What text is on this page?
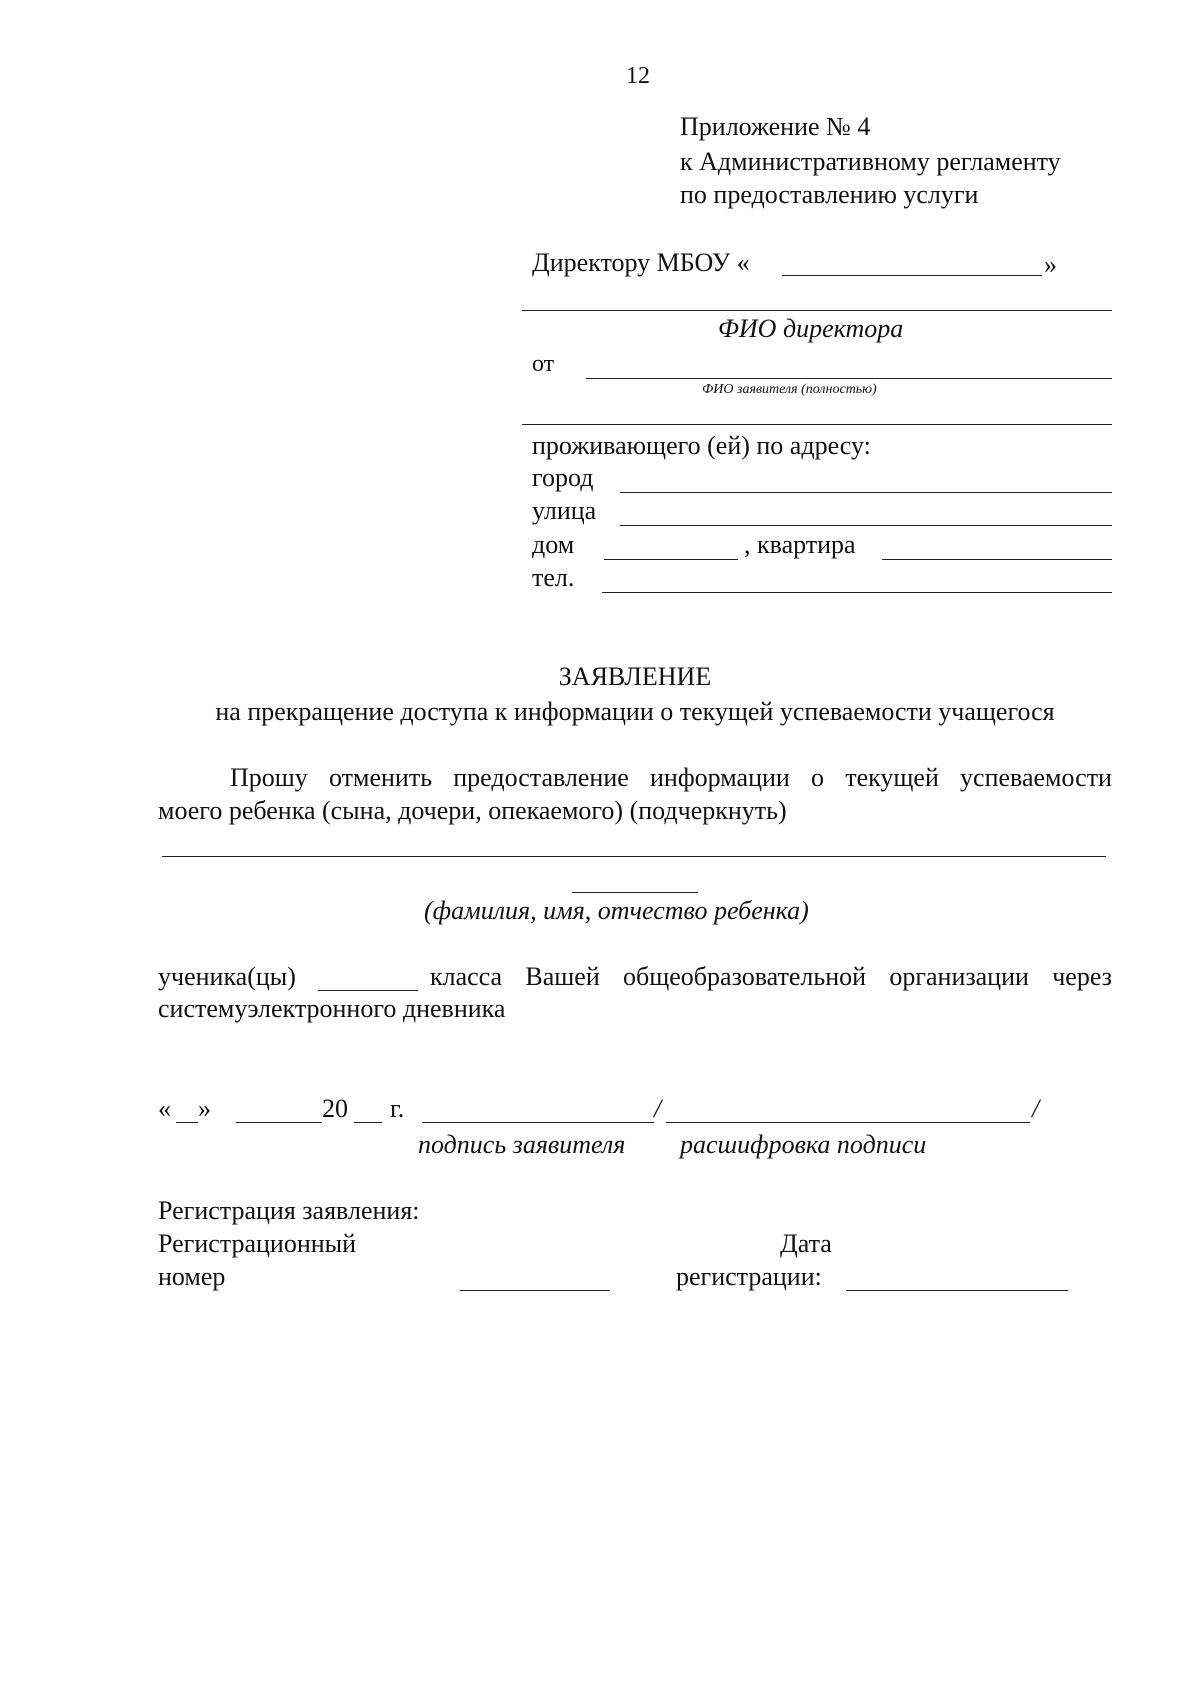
12
Приложение № 4
к Административному регламенту
по предоставлению услуги
Директору МБОУ «	»
ФИО директора
от
ФИО заявителя (полностью)
проживающего (ей) по адресу:
город
улица
дом	, квартира
тел.
ЗАЯВЛЕНИЕ
на прекращение доступа к информации о текущей успеваемости учащегося
Прошу отменить предоставление информации о текущей успеваемости
моего ребенка (сына, дочери, опекаемого) (подчеркнуть)
(фамилия, имя, отчество ребенка)
ученика(цы)	класса Вашей общеобразовательной организации через
системуэлектронного дневника
« »	20 г.	/	/
подпись заявителя расшифровка подписи
Регистрация заявления:
Регистрационный
номер
Дата
регистрации:
